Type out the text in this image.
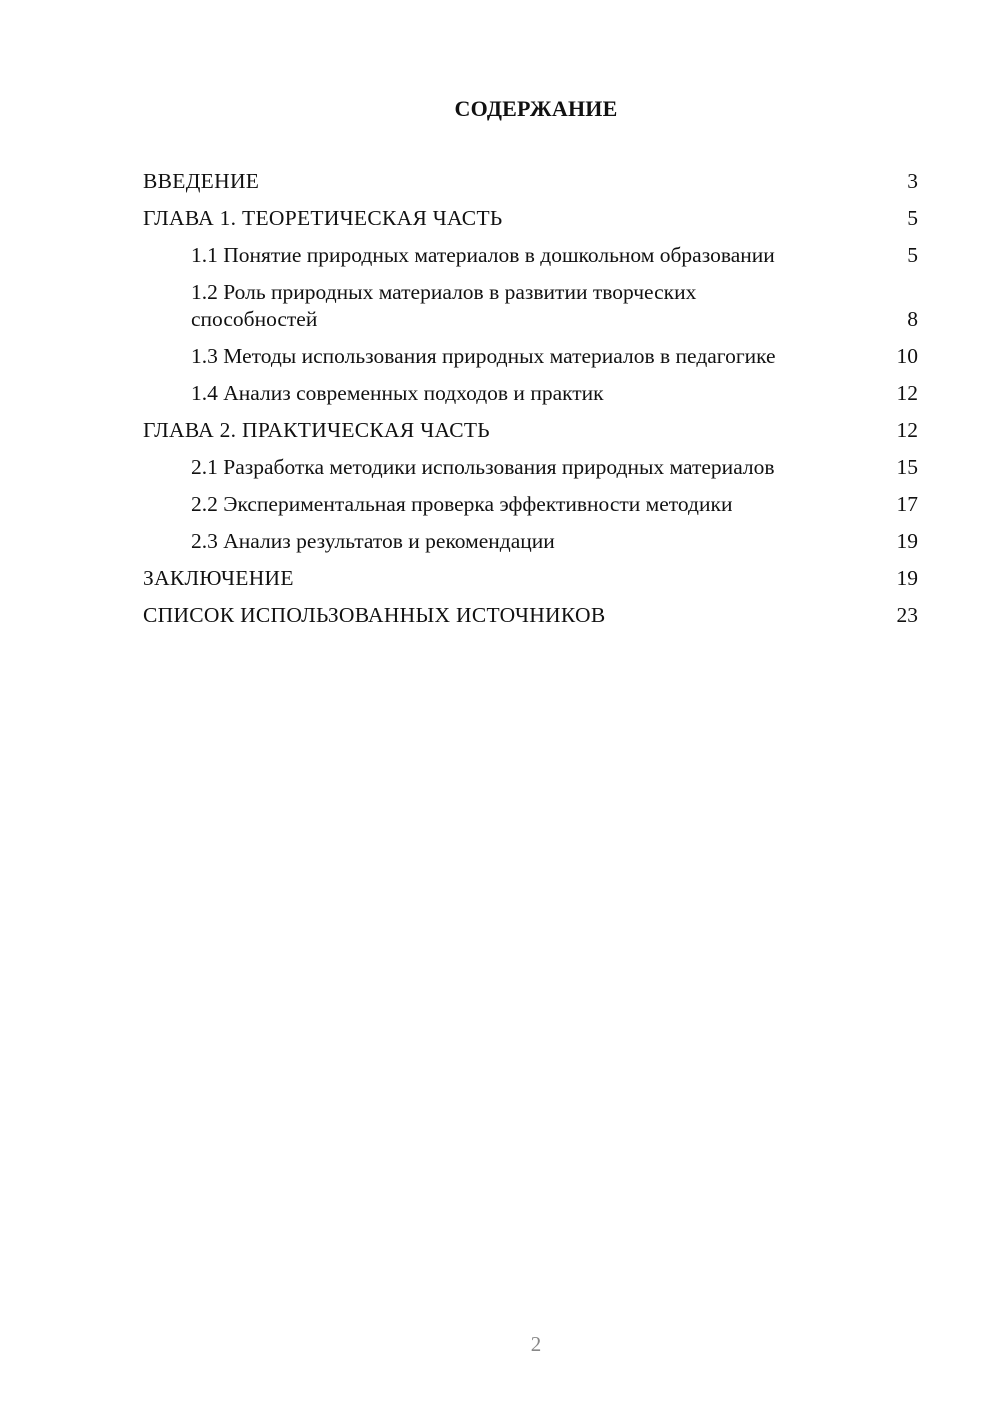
СОДЕРЖАНИЕ
ВВЕДЕНИЕ	3
ГЛАВА 1. ТЕОРЕТИЧЕСКАЯ ЧАСТЬ	5
1.1 Понятие природных материалов в дошкольном образовании	5
1.2 Роль природных материалов в развитии творческих способностей	8
1.3 Методы использования природных материалов в педагогике	10
1.4 Анализ современных подходов и практик	12
ГЛАВА 2. ПРАКТИЧЕСКАЯ ЧАСТЬ	12
2.1 Разработка методики использования природных материалов	15
2.2 Экспериментальная проверка эффективности методики	17
2.3 Анализ результатов и рекомендации	19
ЗАКЛЮЧЕНИЕ	19
СПИСОК ИСПОЛЬЗОВАННЫХ ИСТОЧНИКОВ	23
2
